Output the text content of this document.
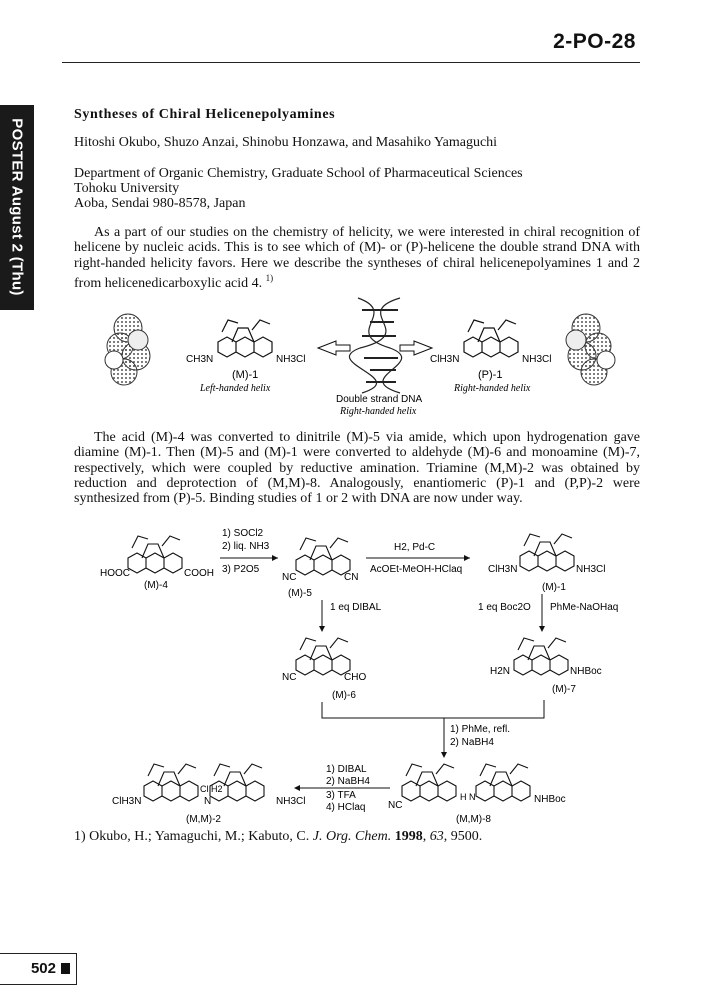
2-PO-28
POSTER August 2 (Thu)
Syntheses of Chiral Helicenepolyamines
Hitoshi Okubo, Shuzo Anzai, Shinobu Honzawa, and Masahiko Yamaguchi
Department of Organic Chemistry, Graduate School of Pharmaceutical Sciences
Tohoku University
Aoba, Sendai 980-8578, Japan
As a part of our studies on the chemistry of helicity, we were interested in chiral recognition of helicene by nucleic acids. This is to see which of (M)- or (P)-helicene the double strand DNA with right-handed helicity favors. Here we describe the syntheses of chiral helicenepolyamines 1 and 2 from helicenedicarboxylic acid 4. $^{1)}$
CH3N	NH3Cl
(M)-1
Left-handed helix
Double strand DNA
Right-handed helix
ClH3N	NH3Cl
(P)-1
Right-handed helix
The acid (M)-4 was converted to dinitrile (M)-5 via amide, which upon hydrogenation gave diamine (M)-1. Then (M)-5 and (M)-1 were converted to aldehyde (M)-6 and monoamine (M)-7, respectively, which were coupled by reductive amination. Triamine (M,M)-2 was obtained by reduction and deprotection of (M,M)-8. Analogously, enantiomeric (P)-1 and (P,P)-2 were synthesized from (P)-5. Binding studies of 1 or 2 with DNA are now under way.
HOOC	COOH
(M)-4
1) SOCl2
2) liq. NH3
3) P2O5
NC	CN
(M)-5
H2, Pd-C
AcOEt-MeOH-HClaq	ClH3N	NH3Cl
(M)-1
1 eq DIBAL	1 eq Boc2O PhMe-NaOHaq
NC	CHO
(M)-6
H2N	NHBoc
(M)-7
1) PhMe, refl.
2) NaBH4
ClH3N
Cl H2
N	NH3Cl
(M,M)-2
1) DIBAL
2) NaBH4
3) TFA
4) HClaq NC
H N	NHBoc
(M,M)-8
1) Okubo, H.; Yamaguchi, M.; Kabuto, C. J. Org. Chem. 1998, 63, 9500.
502
